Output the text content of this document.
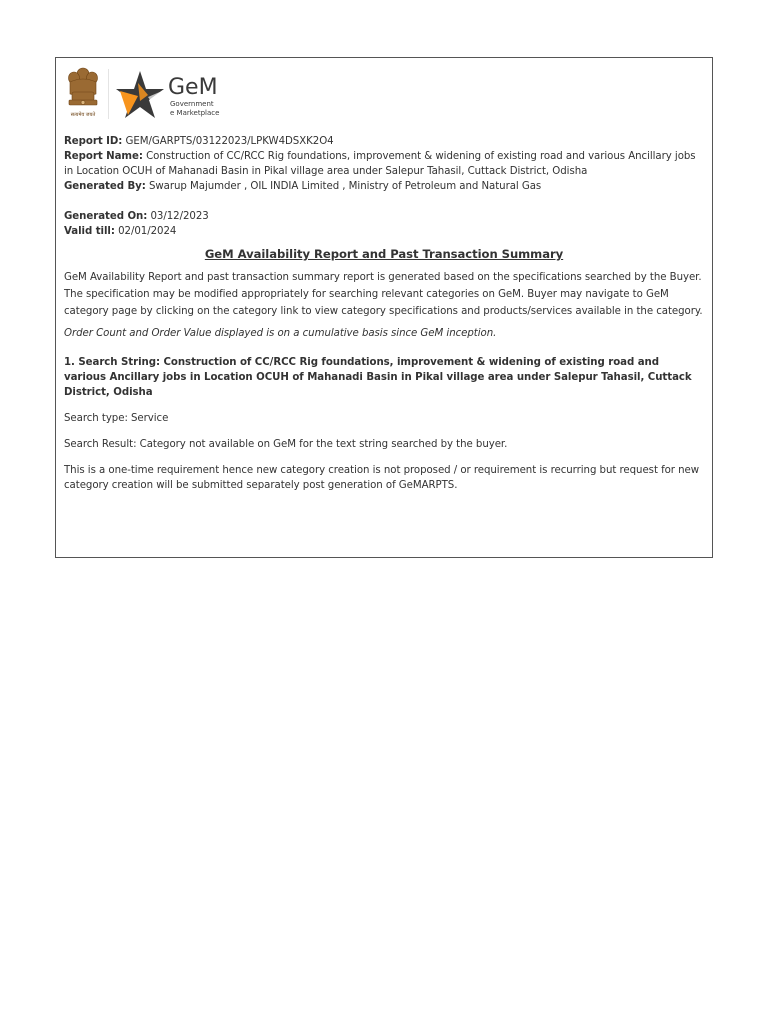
सत्यमेव जयते
GeM
Government
e Marketplace
Report ID: GEM/GARPTS/03122023/LPKW4DSXK2O4
Report Name: Construction of CC/RCC Rig foundations, improvement & widening of existing road and various Ancillary jobs in Location OCUH of Mahanadi Basin in Pikal village area under Salepur Tahasil, Cuttack District, Odisha
Generated By: Swarup Majumder , OIL INDIA Limited , Ministry of Petroleum and Natural Gas
Generated On: 03/12/2023
Valid till: 02/01/2024
GeM Availability Report and Past Transaction Summary

GeM Availability Report and past transaction summary report is generated based on the specifications searched by the Buyer. The specification may be modified appropriately for searching relevant categories on GeM. Buyer may navigate to GeM category page by clicking on the category link to view category specifications and products/services available in the category.

Order Count and Order Value displayed is on a cumulative basis since GeM inception.
1. Search String: Construction of CC/RCC Rig foundations, improvement & widening of existing road and various Ancillary jobs in Location OCUH of Mahanadi Basin in Pikal village area under Salepur Tahasil, Cuttack District, Odisha
Search type: Service
Search Result: Category not available on GeM for the text string searched by the buyer.
This is a one-time requirement hence new category creation is not proposed / or requirement is recurring but request for new category creation will be submitted separately post generation of GeMARPTS.
